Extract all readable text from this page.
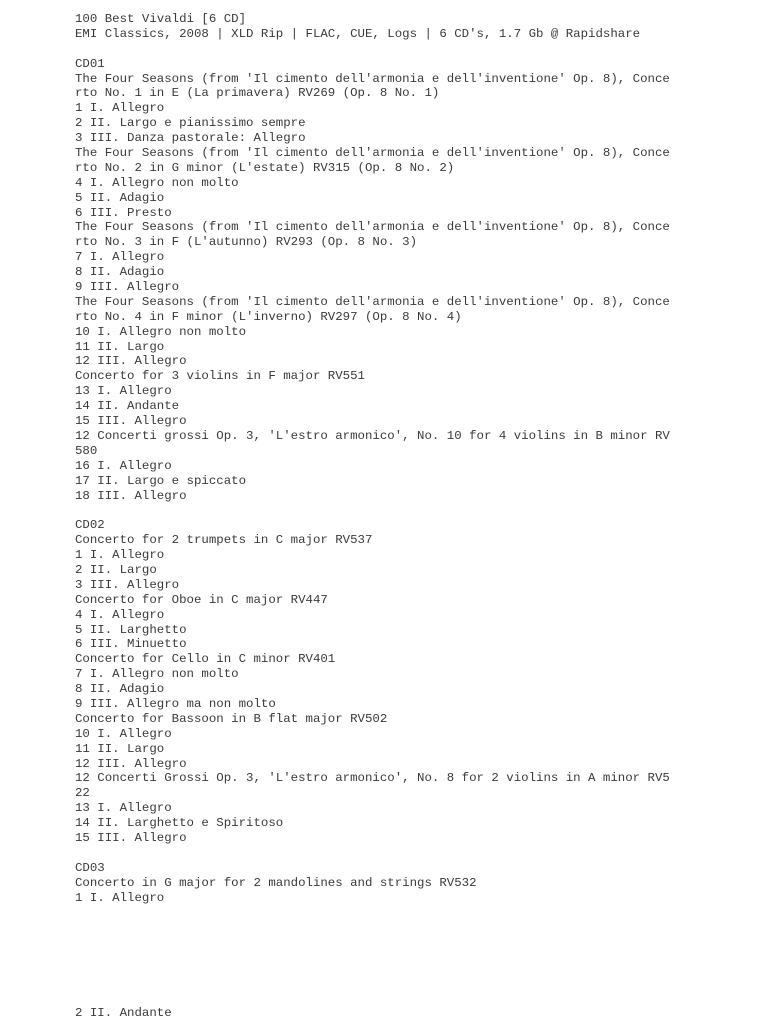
100 Best Vivaldi [6 CD]
EMI Classics, 2008 | XLD Rip | FLAC, CUE, Logs | 6 CD's, 1.7 Gb @ Rapidshare
CD01
The Four Seasons (from 'Il cimento dell'armonia e dell'inventione' Op. 8), Conce
rto No. 1 in E (La primavera) RV269 (Op. 8 No. 1)
1 I. Allegro
2 II. Largo e pianissimo sempre
3 III. Danza pastorale: Allegro
The Four Seasons (from 'Il cimento dell'armonia e dell'inventione' Op. 8), Conce
rto No. 2 in G minor (L'estate) RV315 (Op. 8 No. 2)
4 I. Allegro non molto
5 II. Adagio
6 III. Presto
The Four Seasons (from 'Il cimento dell'armonia e dell'inventione' Op. 8), Conce
rto No. 3 in F (L'autunno) RV293 (Op. 8 No. 3)
7 I. Allegro
8 II. Adagio
9 III. Allegro
The Four Seasons (from 'Il cimento dell'armonia e dell'inventione' Op. 8), Conce
rto No. 4 in F minor (L'inverno) RV297 (Op. 8 No. 4)
10 I. Allegro non molto
11 II. Largo
12 III. Allegro
Concerto for 3 violins in F major RV551
13 I. Allegro
14 II. Andante
15 III. Allegro
12 Concerti grossi Op. 3, 'L'estro armonico', No. 10 for 4 violins in B minor RV
580
16 I. Allegro
17 II. Largo e spiccato
18 III. Allegro
CD02
Concerto for 2 trumpets in C major RV537
1 I. Allegro
2 II. Largo
3 III. Allegro
Concerto for Oboe in C major RV447
4 I. Allegro
5 II. Larghetto
6 III. Minuetto
Concerto for Cello in C minor RV401
7 I. Allegro non molto
8 II. Adagio
9 III. Allegro ma non molto
Concerto for Bassoon in B flat major RV502
10 I. Allegro
11 II. Largo
12 III. Allegro
12 Concerti Grossi Op. 3, 'L'estro armonico', No. 8 for 2 violins in A minor RV5
22
13 I. Allegro
14 II. Larghetto e Spiritoso
15 III. Allegro
CD03
Concerto in G major for 2 mandolines and strings RV532
1 I. Allegro
2 II. Andante
